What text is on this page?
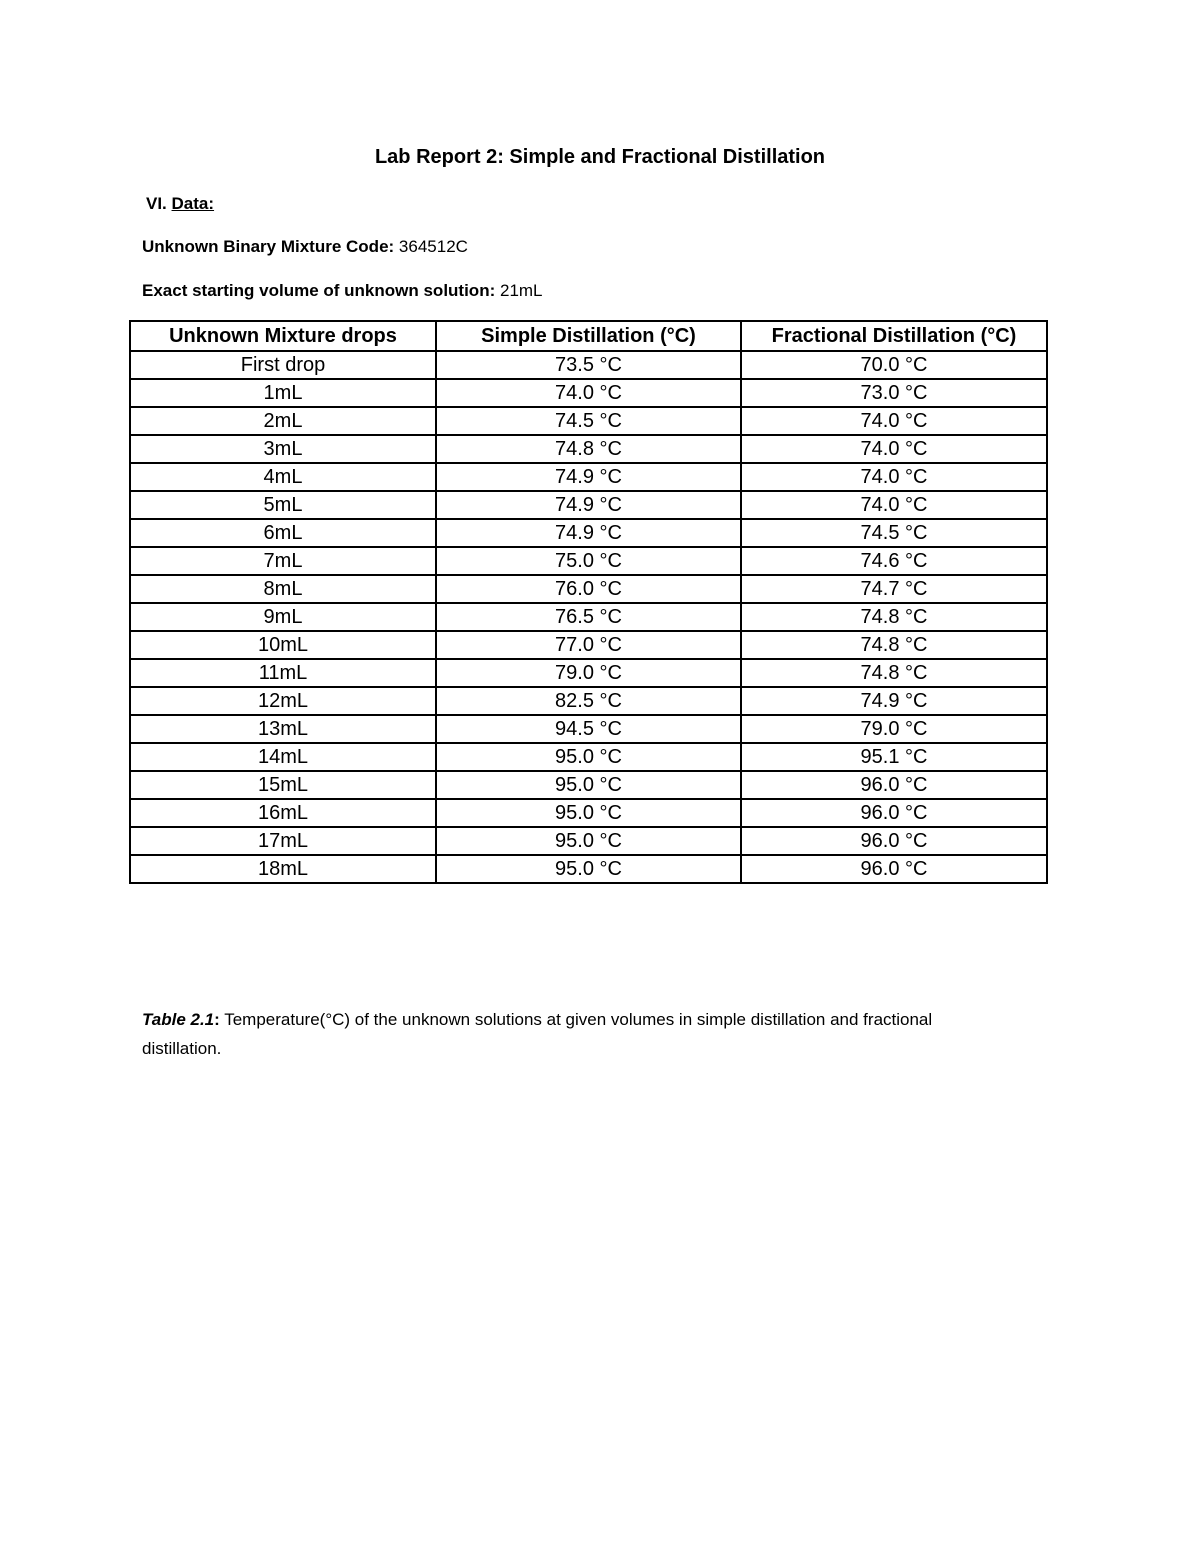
Lab Report 2: Simple and Fractional Distillation
VI. Data:
Unknown Binary Mixture Code: 364512C
Exact starting volume of unknown solution: 21mL
Unknown Mixture drops	Simple Distillation (°C)	Fractional Distillation (°C)
First drop	73.5 °C	70.0 °C
1mL	74.0 °C	73.0 °C
2mL	74.5 °C	74.0 °C
3mL	74.8 °C	74.0 °C
4mL	74.9 °C	74.0 °C
5mL	74.9 °C	74.0 °C
6mL	74.9 °C	74.5 °C
7mL	75.0 °C	74.6 °C
8mL	76.0 °C	74.7 °C
9mL	76.5 °C	74.8 °C
10mL	77.0 °C	74.8 °C
11mL	79.0 °C	74.8 °C
12mL	82.5 °C	74.9 °C
13mL	94.5 °C	79.0 °C
14mL	95.0 °C	95.1 °C
15mL	95.0 °C	96.0 °C
16mL	95.0 °C	96.0 °C
17mL	95.0 °C	96.0 °C
18mL	95.0 °C	96.0 °C
Table 2.1: Temperature(°C) of the unknown solutions at given volumes in simple distillation and fractional distillation.
